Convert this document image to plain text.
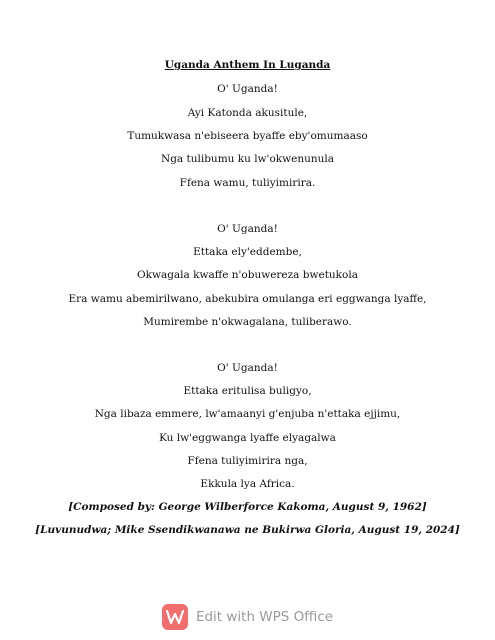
Uganda Anthem In Luganda
O' Uganda!
Ayi Katonda akusitule,
Tumukwasa n'ebiseera byaffe eby'omumaaso
Nga tulibumu ku lw'okwenunula
Ffena wamu, tuliyimirira.
O' Uganda!
Ettaka ely'eddembe,
Okwagala kwaffe n'obuwereza bwetukola
Era wamu abemirilwano, abekubira omulanga eri eggwanga lyaffe,
Mumirembe n'okwagalana, tuliberawo.
O' Uganda!
Ettaka eritulisa buligyo,
Nga libaza emmere, lw'amaanyi g'enjuba n'ettaka ejjimu,
Ku lw'eggwanga lyaffe elyagalwa
Ffena tuliyimirira nga,
Ekkula lya Africa.
[Composed by: George Wilberforce Kakoma, August 9, 1962]
[Luvunudwa; Mike Ssendikwanawa ne Bukirwa Gloria, August 19, 2024]
Edit with WPS Office
